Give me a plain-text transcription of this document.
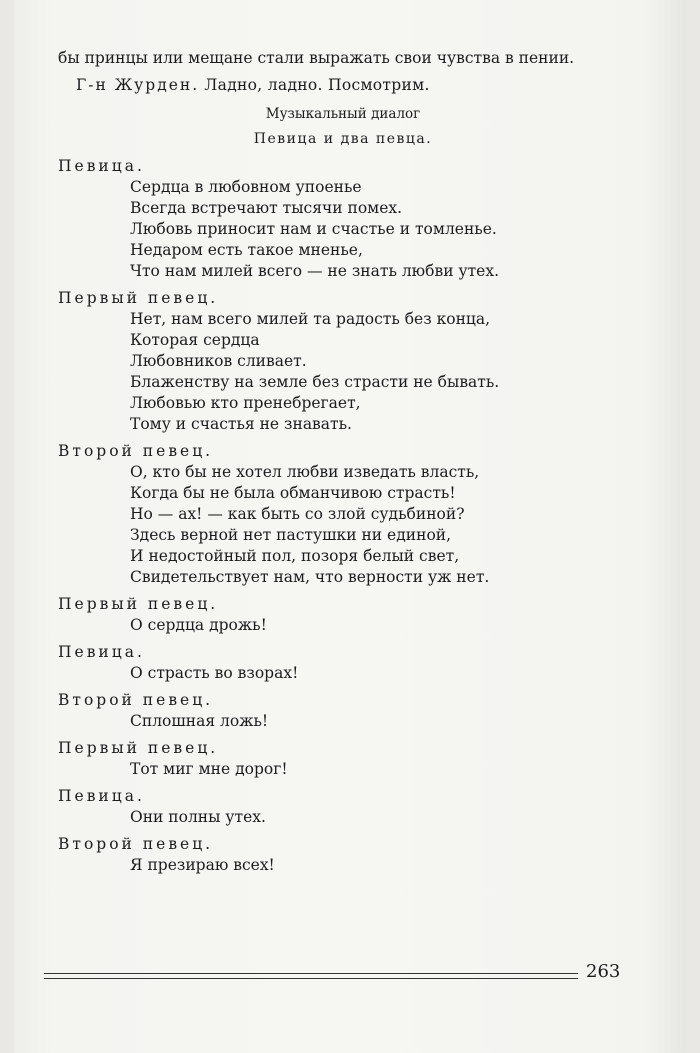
бы принцы или мещане стали выражать свои чувства в пении.

Г-н Журден. Ладно, ладно. Посмотрим.

Музыкальный диалог

Певица и два певца.

Певица.

Сердца в любовном упоенье
Всегда встречают тысячи помех.
Любовь приносит нам и счастье и томленье.
Недаром есть такое мненье,
Что нам милей всего — не знать любви утех.

Первый певец.

Нет, нам всего милей та радость без конца,
Которая сердца
Любовников сливает.
Блаженству на земле без страсти не бывать.
Любовью кто пренебрегает,
Тому и счастья не знавать.

Второй певец.

О, кто бы не хотел любви изведать власть,
Когда бы не была обманчивою страсть!
Но — ах! — как быть со злой судьбиной?
Здесь верной нет пастушки ни единой,
И недостойный пол, позоря белый свет,
Свидетельствует нам, что верности уж нет.

Первый певец.

О сердца дрожь!

Певица.

О страсть во взорах!

Второй певец.

Сплошная ложь!

Первый певец.

Тот миг мне дорог!

Певица.

Они полны утех.

Второй певец.

Я презираю всех!
263
